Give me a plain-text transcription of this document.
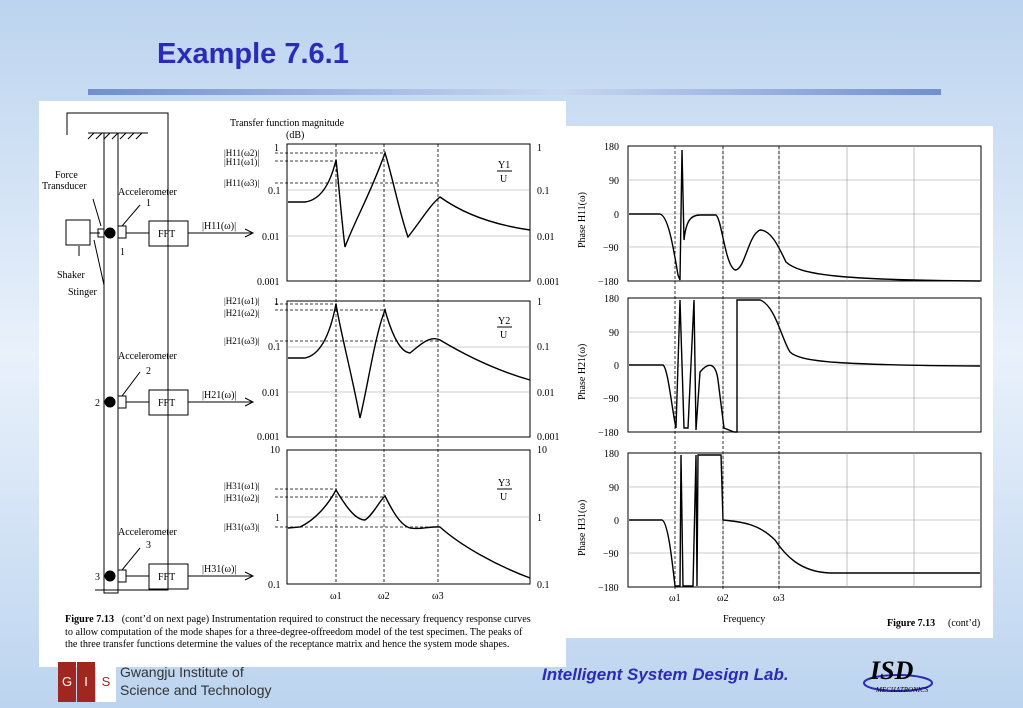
Example 7.6.1
Transfer function magnitude
(dB)
Force
Transducer
Shaker
Stinger
Accelerometer
Accelerometer
Accelerometer
1
2
3
1
2
3
FFT
FFT
FFT
|H11(ω)|
|H21(ω)|
|H31(ω)|
1
0.1
0.01
0.001
1
0.1
0.01
0.001
1
0.1
0.01
0.001
1
0.1
0.01
0.001
10
1
0.1
10
1
0.1
Y1
U
Y2
U
Y3
U
ω1	ω2	ω3
|H11(ω2)|
|H11(ω1)|
|H11(ω3)|
|H21(ω1)|
|H21(ω2)|
|H21(ω3)|
|H31(ω1)|
|H31(ω2)|
|H31(ω3)|
Figure 7.13 (cont’d on next page) Instrumentation required to construct the necessary frequency response curves to allow computation of the mode shapes for a three-degree-offreedom model of the test specimen. The peaks of the three transfer functions determine the values of the receptance matrix and hence the system mode shapes.
Phase H11(ω)
Phase H21(ω)
Phase H31(ω)
180
90
0
−90
−180
180
90
0
−90
−180
180
90
0
−90
−180
ω1	ω2	ω3
Frequency	Figure 7.13 (cont’d)
G I	S
Gwangju Institute of
Science and Technology
Intelligent System Design Lab.	ISD
MECHATRONICS
